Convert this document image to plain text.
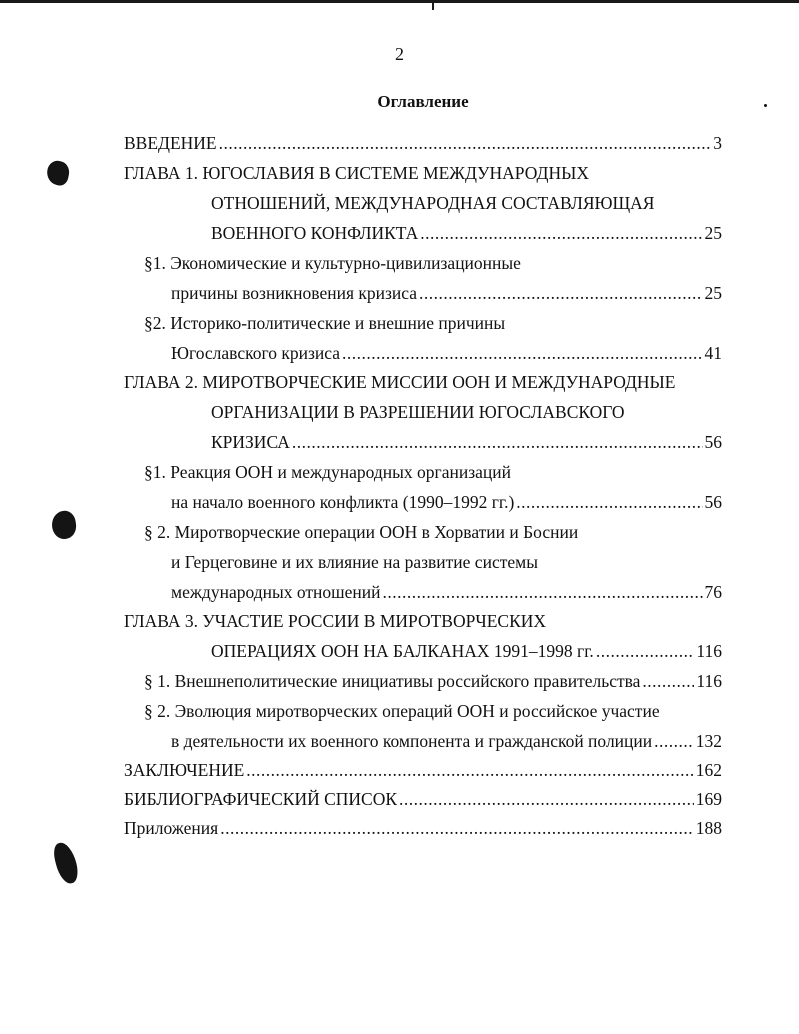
2
Оглавление
ВВЕДЕНИЕ .....	3
ГЛАВА 1. ЮГОСЛАВИЯ В СИСТЕМЕ МЕЖДУНАРОДНЫХ
ОТНОШЕНИЙ, МЕЖДУНАРОДНАЯ СОСТАВЛЯЮЩАЯ
ВОЕННОГО КОНФЛИКТА .....	25
§1. Экономические и культурно-цивилизационные
причины возникновения кризиса .....	25
§2. Историко-политические и внешние причины
Югославского кризиса .....	41
ГЛАВА 2. МИРОТВОРЧЕСКИЕ МИССИИ ООН И МЕЖДУНАРОДНЫЕ
ОРГАНИЗАЦИИ В РАЗРЕШЕНИИ ЮГОСЛАВСКОГО
КРИЗИСА .....	56
§1. Реакция ООН и международных организаций
на начало военного конфликта (1990–1992 гг.) .....	56
§ 2. Миротворческие операции ООН в Хорватии и Боснии
и Герцеговине и их влияние на развитие системы
международных отношений .....	76
ГЛАВА 3. УЧАСТИЕ РОССИИ В МИРОТВОРЧЕСКИХ
ОПЕРАЦИЯХ ООН НА БАЛКАНАХ 1991–1998 гг. .....	116
§ 1. Внешнеполитические инициативы российского правительства .....	116
§ 2. Эволюция миротворческих операций ООН и российское участие
в деятельности их военного компонента и гражданской полиции ..... 132
ЗАКЛЮЧЕНИЕ .....	162
БИБЛИОГРАФИЧЕСКИЙ СПИСОК .....	169
Приложения .....	188
